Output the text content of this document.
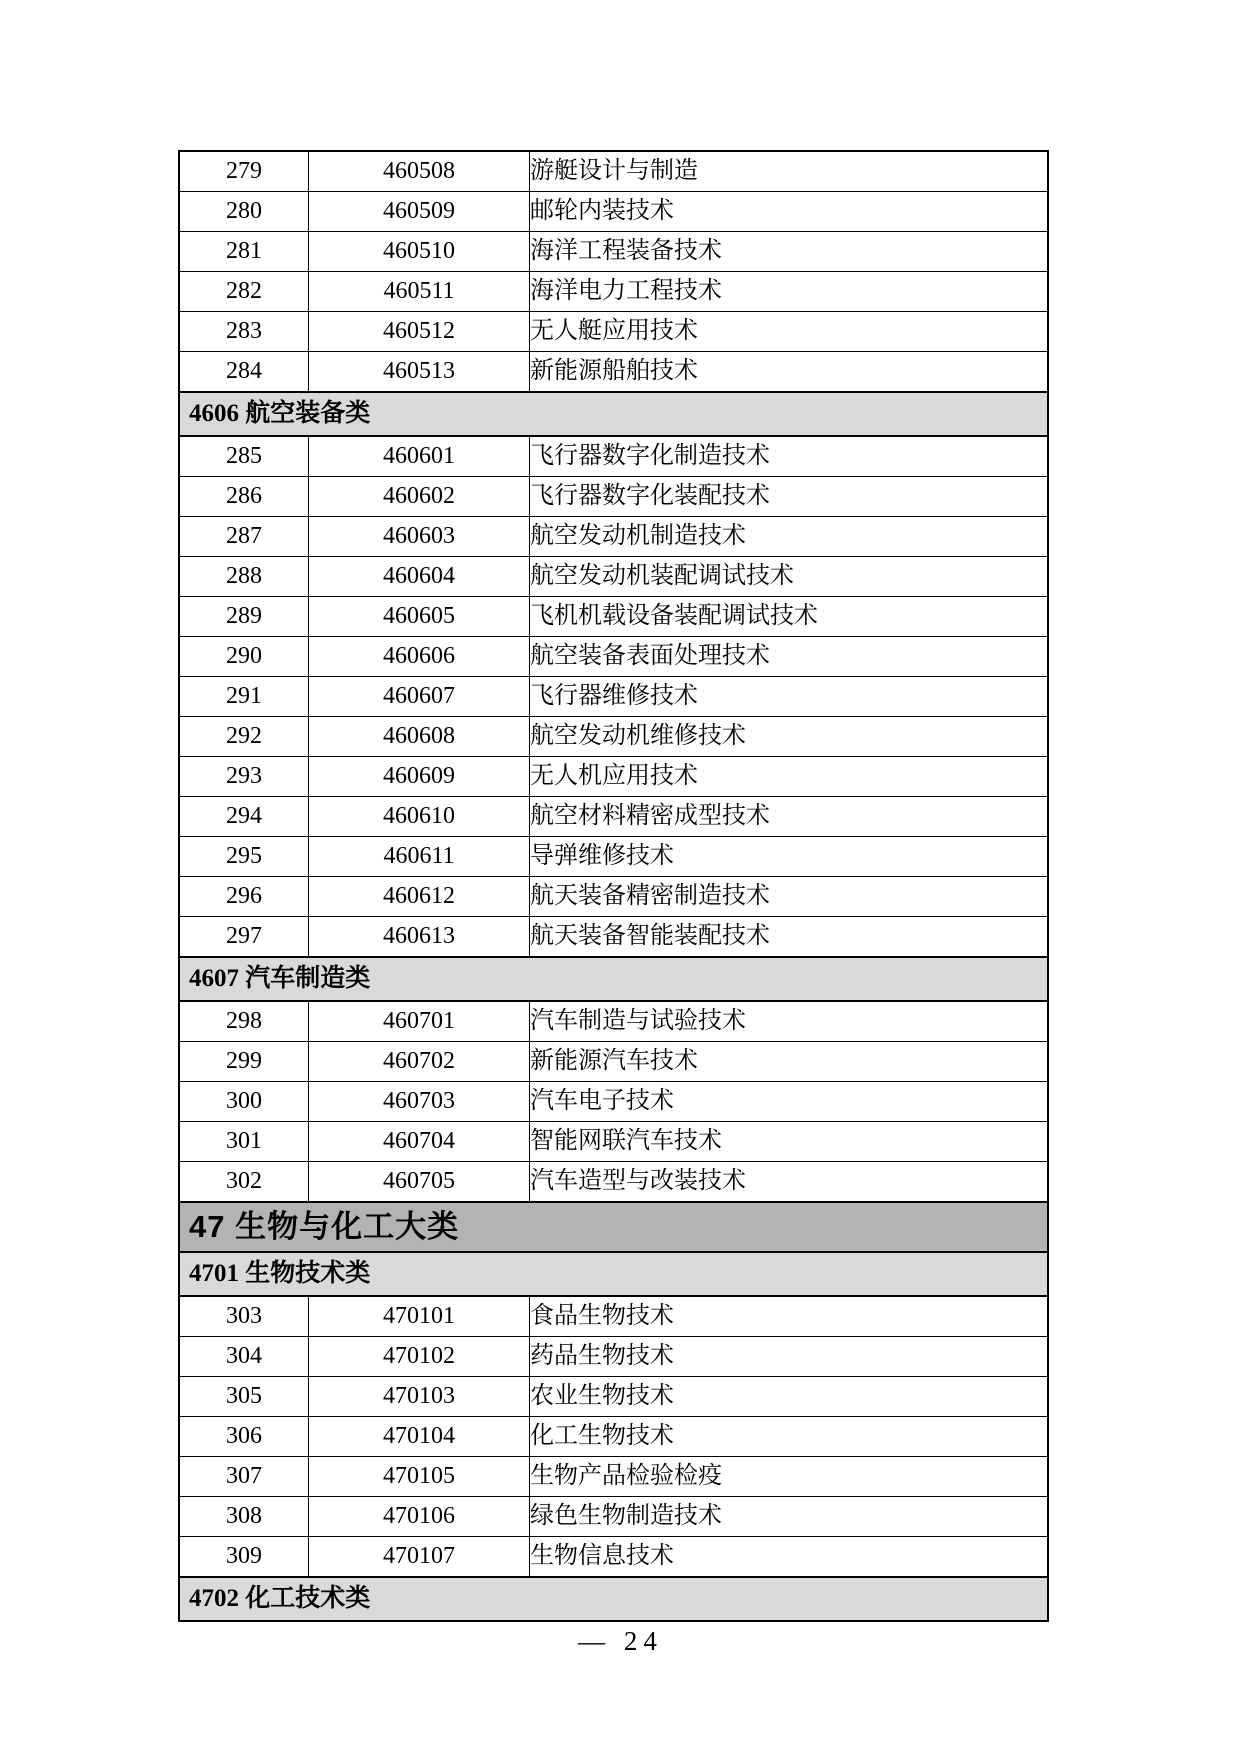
279	460508	游艇设计与制造
280	460509	邮轮内装技术
281	460510	海洋工程装备技术
282	460511	海洋电力工程技术
283	460512	无人艇应用技术
284	460513	新能源船舶技术
4606 航空装备类		
285	460601	飞行器数字化制造技术
286	460602	飞行器数字化装配技术
287	460603	航空发动机制造技术
288	460604	航空发动机装配调试技术
289	460605	飞机机载设备装配调试技术
290	460606	航空装备表面处理技术
291	460607	飞行器维修技术
292	460608	航空发动机维修技术
293	460609	无人机应用技术
294	460610	航空材料精密成型技术
295	460611	导弹维修技术
296	460612	航天装备精密制造技术
297	460613	航天装备智能装配技术
4607 汽车制造类		
298	460701	汽车制造与试验技术
299	460702	新能源汽车技术
300	460703	汽车电子技术
301	460704	智能网联汽车技术
302	460705	汽车造型与改装技术
47 生物与化工大类		
4701 生物技术类		
303	470101	食品生物技术
304	470102	药品生物技术
305	470103	农业生物技术
306	470104	化工生物技术
307	470105	生物产品检验检疫
308	470106	绿色生物制造技术
309	470107	生物信息技术
4702 化工技术类		
— 24
